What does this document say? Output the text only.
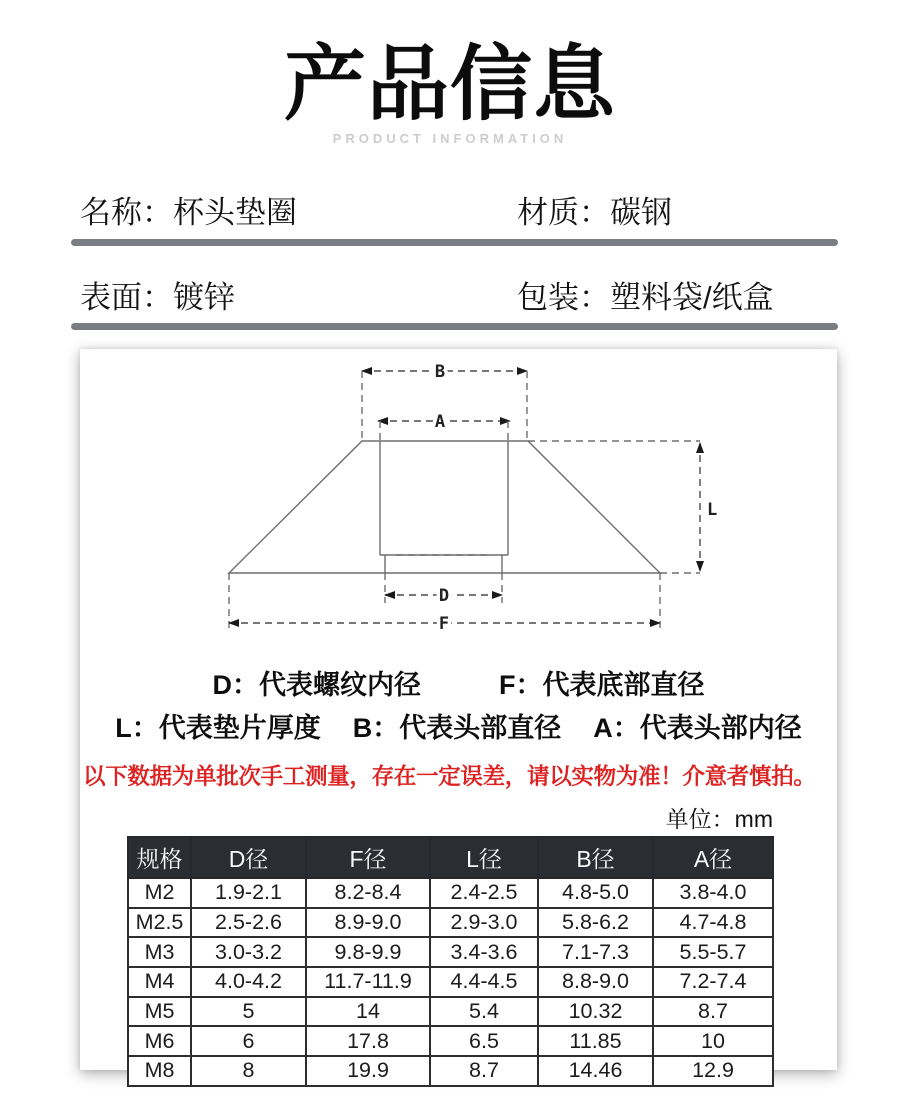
产品信息
PRODUCT INFORMATION
名称：杯头垫圈	材质：碳钢
表面：镀锌	包装：塑料袋/纸盒
B
A
L
D
F
D：代表螺纹内径	F：代表底部直径
L：代表垫片厚度 B：代表头部直径 A：代表头部内径
以下数据为单批次手工测量，存在一定误差，请以实物为准！介意者慎拍。
单位：mm
规格	D径	F径	L径	B径	A径
M2	1.9-2.1	8.2-8.4	2.4-2.5	4.8-5.0	3.8-4.0
M2.5	2.5-2.6	8.9-9.0	2.9-3.0	5.8-6.2	4.7-4.8
M3	3.0-3.2	9.8-9.9	3.4-3.6	7.1-7.3	5.5-5.7
M4	4.0-4.2	11.7-11.9	4.4-4.5	8.8-9.0	7.2-7.4
M5	5	14	5.4	10.32	8.7
M6	6	17.8	6.5	11.85	10
M8	8	19.9	8.7	14.46	12.9
